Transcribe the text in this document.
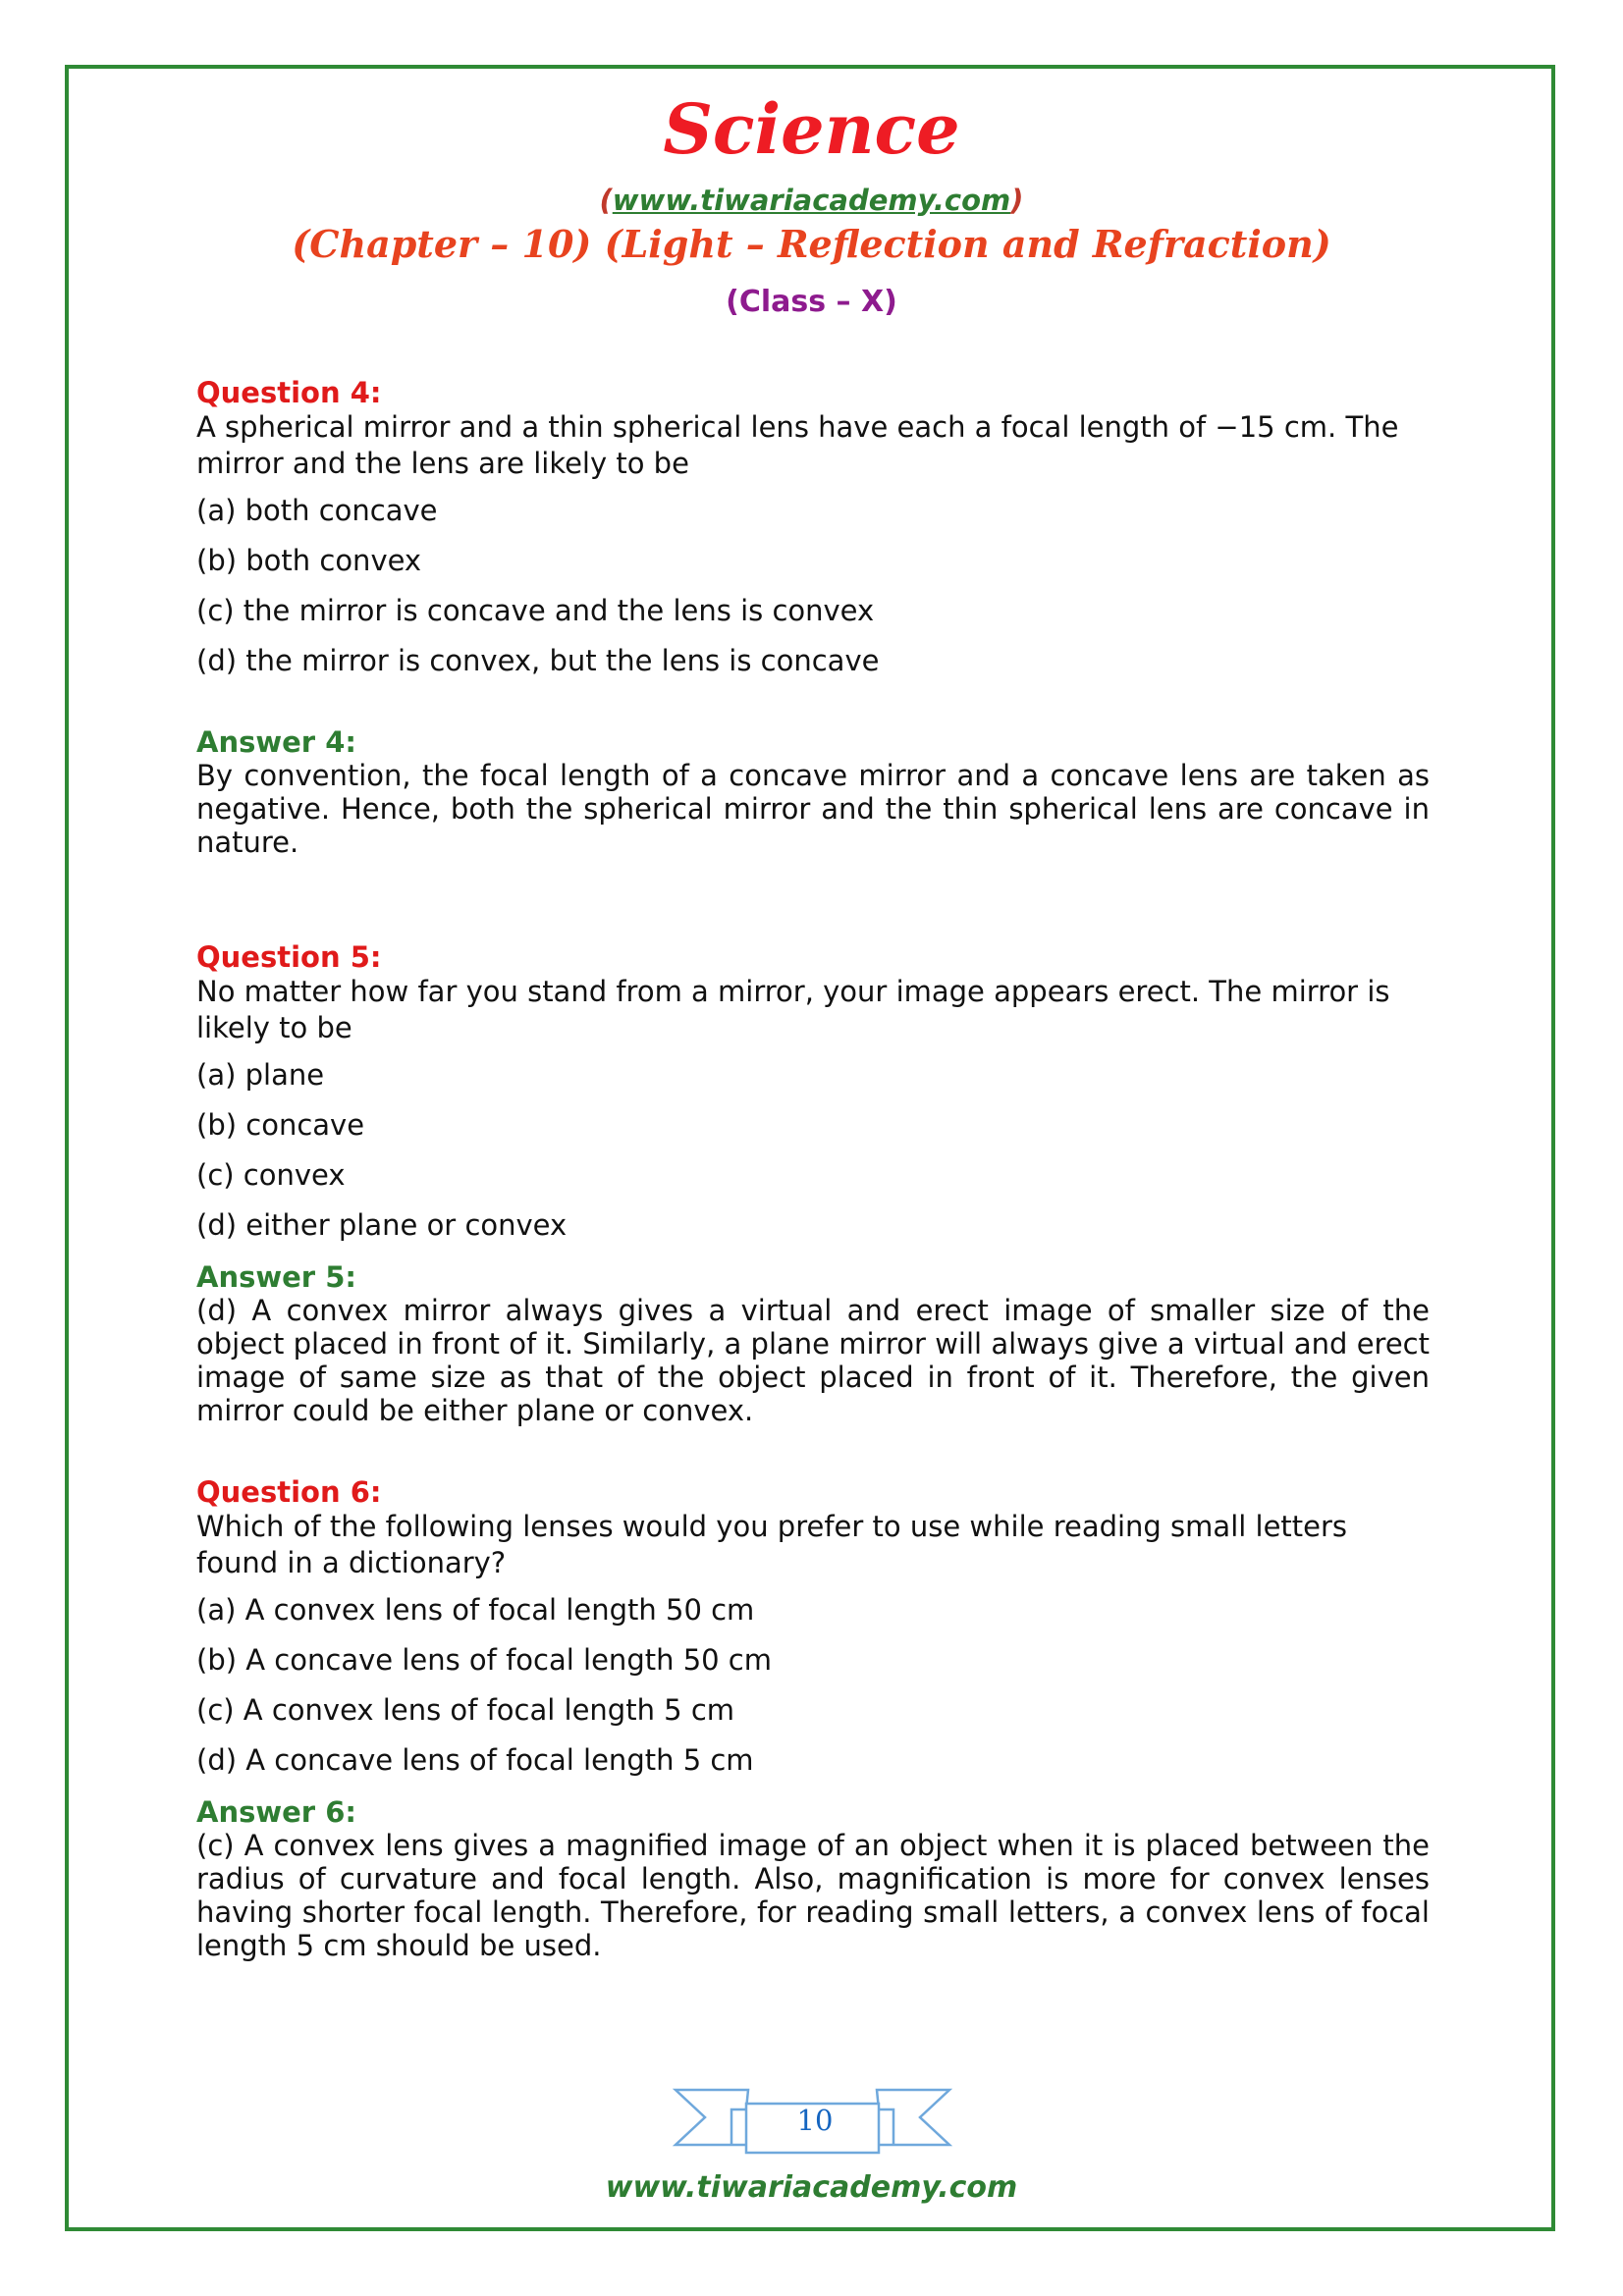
Science
(www.tiwariacademy.com)
(Chapter – 10) (Light – Reflection and Refraction)
(Class – X)
Question 4:

A spherical mirror and a thin spherical lens have each a focal length of −15 cm. The mirror and the lens are likely to be

(a) both concave

(b) both convex

(c) the mirror is concave and the lens is convex

(d) the mirror is convex, but the lens is concave

Answer 4:

By convention, the focal length of a concave mirror and a concave lens are taken as negative. Hence, both the spherical mirror and the thin spherical lens are concave in nature.

Question 5:

No matter how far you stand from a mirror, your image appears erect. The mirror is likely to be

(a) plane

(b) concave

(c) convex

(d) either plane or convex

Answer 5:

(d) A convex mirror always gives a virtual and erect image of smaller size of the object placed in front of it. Similarly, a plane mirror will always give a virtual and erect image of same size as that of the object placed in front of it. Therefore, the given mirror could be either plane or convex.

Question 6:

Which of the following lenses would you prefer to use while reading small letters found in a dictionary?

(a) A convex lens of focal length 50 cm

(b) A concave lens of focal length 50 cm

(c) A convex lens of focal length 5 cm

(d) A concave lens of focal length 5 cm

Answer 6:

(c) A convex lens gives a magnified image of an object when it is placed between the radius of curvature and focal length. Also, magnification is more for convex lenses having shorter focal length. Therefore, for reading small letters, a convex lens of focal length 5 cm should be used.

10
www.tiwariacademy.com
